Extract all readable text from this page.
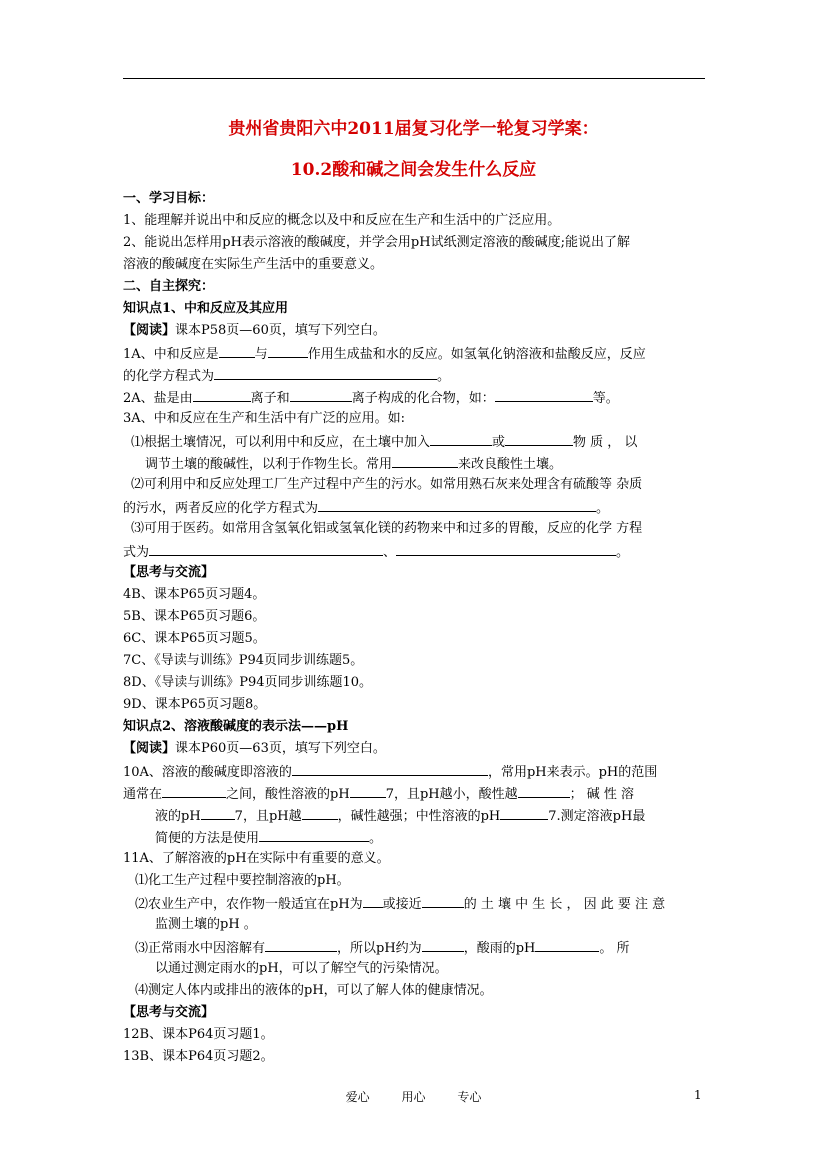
贵州省贵阳六中2011届复习化学一轮复习学案：
10.2酸和碱之间会发生什么反应
一、学习目标：
1、能理解并说出中和反应的概念以及中和反应在生产和生活中的广泛应用。
2、能说出怎样用pH表示溶液的酸碱度，并学会用pH试纸测定溶液的酸碱度;能说出了解
溶液的酸碱度在实际生产生活中的重要意义。
二、自主探究：
知识点1、中和反应及其应用
【阅读】课本P58页—60页，填写下列空白。
1A、中和反应是	与	作用生成盐和水的反应。如氢氧化钠溶液和盐酸反应，反应
的化学方程式为	。
2A、盐是由	离子和	离子构成的化合物，如：	等。
3A、中和反应在生产和生活中有广泛的应用。如:
⑴根据土壤情况，可以利用中和反应，在土壤中加入	或	物 质 ， 以
调节土壤的酸碱性，以利于作物生长。常用	来改良酸性土壤。
⑵可利用中和反应处理工厂生产过程中产生的污水。如常用熟石灰来处理含有硫酸等 杂质
的污水，两者反应的化学方程式为	。
⑶可用于医药。如常用含氢氧化铝或氢氧化镁的药物来中和过多的胃酸，反应的化学 方程
式为	、	。
【思考与交流】
4B、课本P65页习题4。
5B、课本P65页习题6。
6C、课本P65页习题5。
7C、《导读与训练》P94页同步训练题5。
8D、《导读与训练》P94页同步训练题10。
9D、课本P65页习题8。
知识点2、溶液酸碱度的表示法——pH
【阅读】课本P60页—63页，填写下列空白。
10A、溶液的酸碱度即溶液的	，常用pH来表示。pH的范围
通常在	之间，酸性溶液的pH	7，且pH越小，酸性越	； 碱 性 溶
液的pH	7，且pH越	，碱性越强；中性溶液的pH	7.测定溶液pH最
简便的方法是使用	。
11A、了解溶液的pH在实际中有重要的意义。
⑴化工生产过程中要控制溶液的pH。
⑵农业生产中，农作物一般适宜在pH为 或接近	的 土 壤 中 生 长 ， 因 此 要 注 意
监测土壤的pH 。
⑶正常雨水中因溶解有	，所以pH约为	，酸雨的pH	。 所
以通过测定雨水的pH，可以了解空气的污染情况。
⑷测定人体内或排出的液体的pH，可以了解人体的健康情况。
【思考与交流】
12B、课本P64页习题1。
13B、课本P64页习题2。
爱心	用心	专心	1
